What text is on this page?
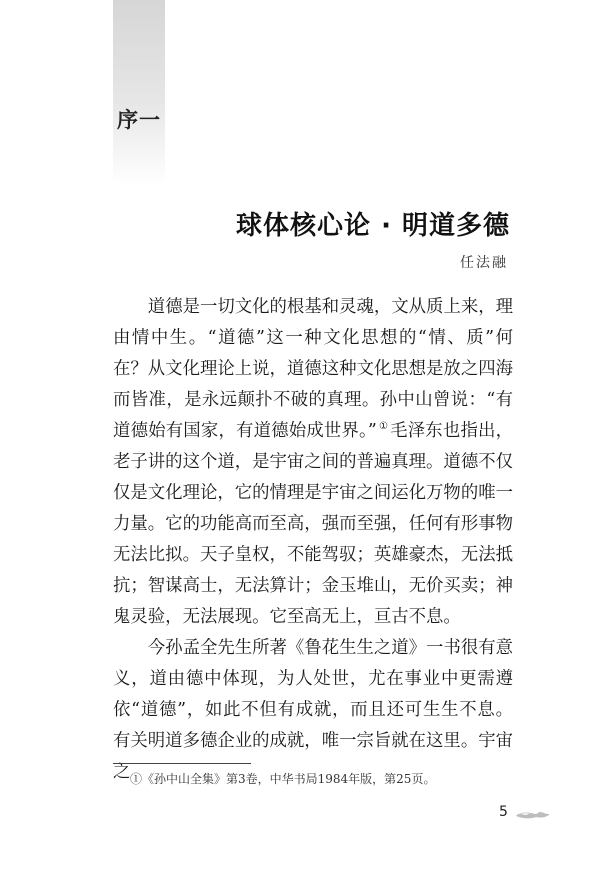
序一
球体核心论 · 明道多德
任法融

道德是一切文化的根基和灵魂，文从质上来，理由情中生。“道德”这一种文化思想的“情、质”何在？从文化理论上说，道德这种文化思想是放之四海而皆准，是永远颠扑不破的真理。孙中山曾说：“有道德始有国家，有道德始成世界。” ① 毛泽东也指出，老子讲的这个道，是宇宙之间的普遍真理。道德不仅仅是文化理论，它的情理是宇宙之间运化万物的唯一力量。它的功能高而至高，强而至强，任何有形事物无法比拟。天子皇权，不能驾驭；英雄豪杰，无法抵抗；智谋高士，无法算计；金玉堆山，无价买卖；神鬼灵验，无法展现。它至高无上，亘古不息。

今孙孟全先生所著《鲁花生生之道》一书很有意义，道由德中体现，为人处世，尤在事业中更需遵依“道德”，如此不但有成就，而且还可生生不息。有关明道多德企业的成就，唯一宗旨就在这里。宇宙之 ①《孙中山全集》第3卷，中华书局1984年版，第25页。
5
